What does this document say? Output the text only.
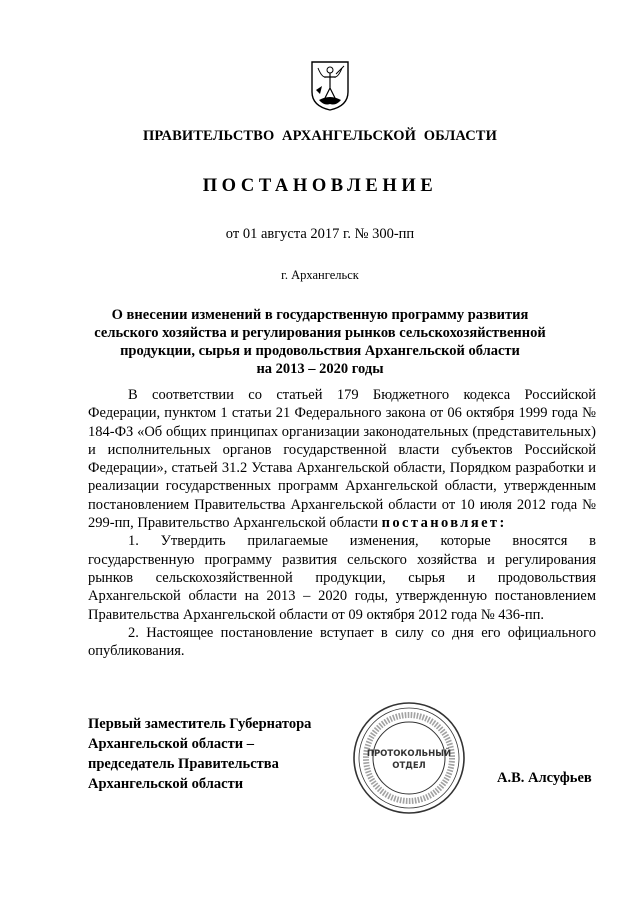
ПРАВИТЕЛЬСТВО АРХАНГЕЛЬСКОЙ ОБЛАСТИ
ПОСТАНОВЛЕНИЕ
от 01 августа 2017 г. № 300-пп
г. Архангельск
О внесении изменений в государственную программу развития
сельского хозяйства и регулирования рынков сельскохозяйственной
продукции, сырья и продовольствия Архангельской области
на 2013 – 2020 годы

В соответствии со статьей 179 Бюджетного кодекса Российской Федерации, пунктом 1 статьи 21 Федерального закона от 06 октября 1999 года № 184-ФЗ «Об общих принципах организации законодательных (представительных) и исполнительных органов государственной власти субъектов Российской Федерации», статьей 31.2 Устава Архангельской области, Порядком разработки и реализации государственных программ Архангельской области, утвержденным постановлением Правительства Архангельской области от 10 июля 2012 года № 299-пп, Правительство Архангельской области постановляет:

1. Утвердить прилагаемые изменения, которые вносятся в государственную программу развития сельского хозяйства и регулирования рынков сельскохозяйственной продукции, сырья и продовольствия Архангельской области на 2013 – 2020 годы, утвержденную постановлением Правительства Архангельской области от 09 октября 2012 года № 436-пп.

2. Настоящее постановление вступает в силу со дня его официального опубликования.

Первый заместитель Губернатора
Архангельской области –
председатель Правительства
Архангельской области
ПРОТОКОЛЬНЫЙ
ОТДЕЛ
А.В. Алсуфьев
